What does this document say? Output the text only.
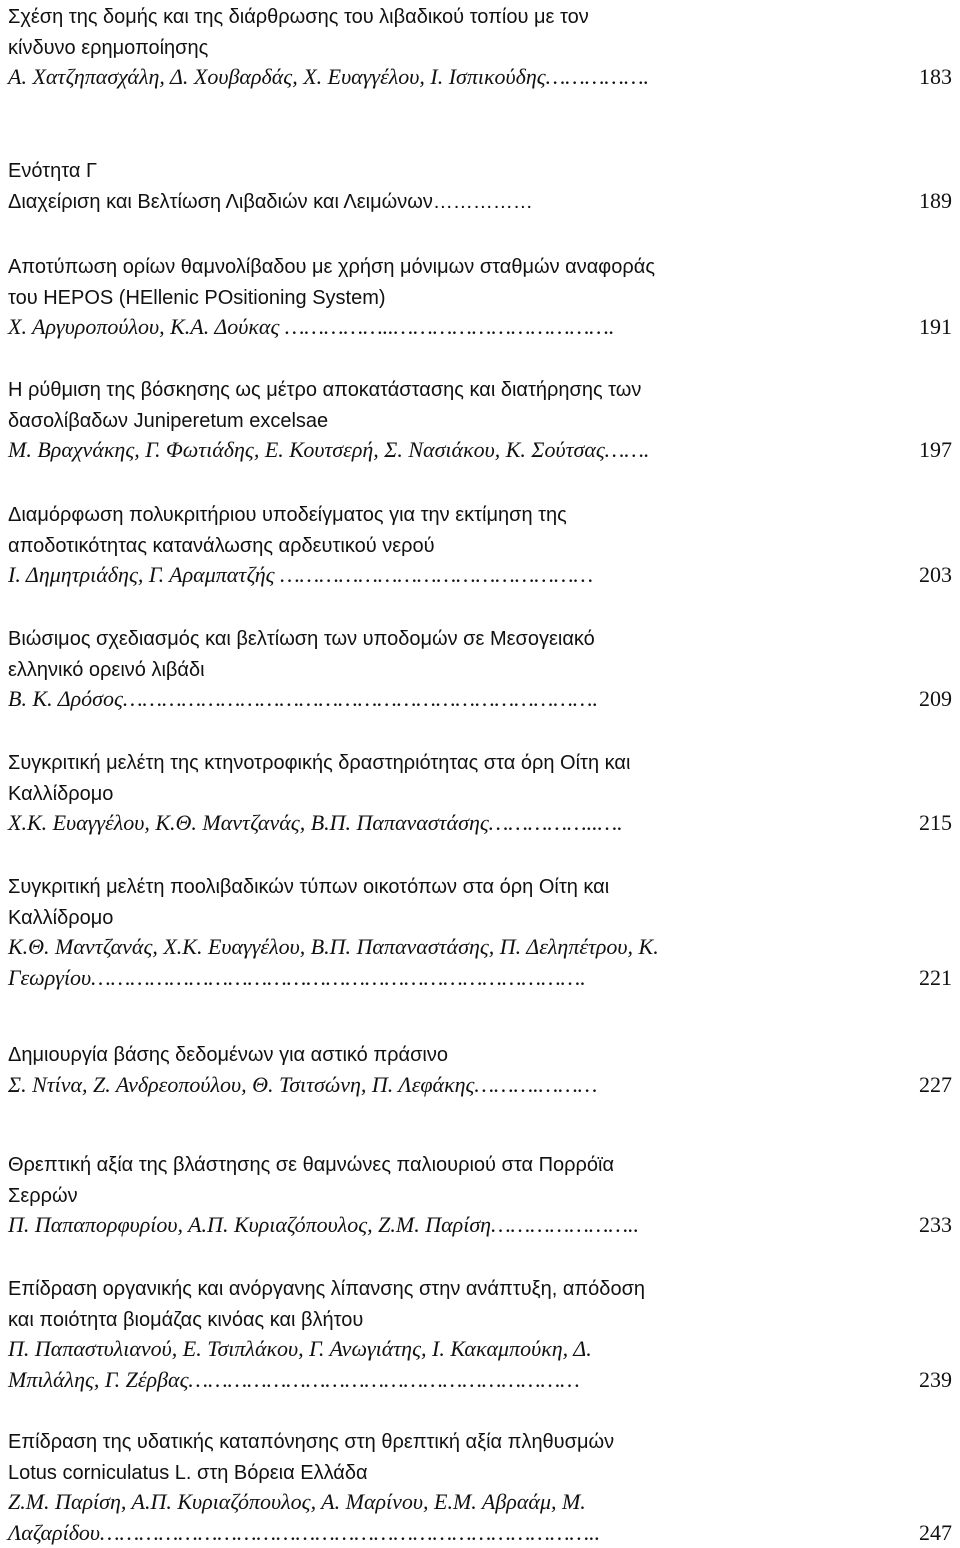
Σχέση της δομής και της διάρθρωσης του λιβαδικού τοπίου με τον
κίνδυνο ερημοποίησης
Α. Χατζηπασχάλη, Δ. Χουβαρδάς, Χ. Ευαγγέλου, Ι. Ισπικούδης…………….	183
Ενότητα Γ
Διαχείριση και Βελτίωση Λιβαδιών και Λειμώνων……………	189
Αποτύπωση ορίων θαμνολίβαδου με χρήση μόνιμων σταθμών αναφοράς
του HEPOS (HEllenic POsitioning System)
Χ. Αργυροπούλου, Κ.Α. Δούκας ……………..…………………………….	191
Η ρύθμιση της βόσκησης ως μέτρο αποκατάστασης και διατήρησης των
δασολίβαδων Juniperetum excelsae
Μ. Βραχνάκης, Γ. Φωτιάδης, Ε. Κουτσερή, Σ. Νασιάκου, Κ. Σούτσας…….	197
Διαμόρφωση πολυκριτήριου υποδείγματος για την εκτίμηση της
αποδοτικότητας κατανάλωσης αρδευτικού νερού
Ι. Δημητριάδης, Γ. Αραμπατζής …………………………………………	203
Βιώσιμος σχεδιασμός και βελτίωση των υποδομών σε Μεσογειακό
ελληνικό ορεινό λιβάδι
Β. Κ. Δρόσος……………………………………………………………….	209
Συγκριτική μελέτη της κτηνοτροφικής δραστηριότητας στα όρη Οίτη και
Καλλίδρομο
Χ.Κ. Ευαγγέλου, Κ.Θ. Μαντζανάς, Β.Π. Παπαναστάσης……………..….	215
Συγκριτική μελέτη ποολιβαδικών τύπων οικοτόπων στα όρη Οίτη και
Καλλίδρομο
Κ.Θ. Μαντζανάς, Χ.Κ. Ευαγγέλου, Β.Π. Παπαναστάσης, Π. Δεληπέτρου, Κ.
Γεωργίου………………………………………………………………….	221
Δημιουργία βάσης δεδομένων για αστικό πράσινο
Σ. Ντίνα, Ζ. Ανδρεοπούλου, Θ. Τσιτσώνη, Π. Λεφάκης……….………	227
Θρεπτική αξία της βλάστησης σε θαμνώνες παλιουριού στα Πορρόϊα
Σερρών
Π. Παπαπορφυρίου, Α.Π. Κυριαζόπουλος, Ζ.Μ. Παρίση…………………..	233
Επίδραση οργανικής και ανόργανης λίπανσης στην ανάπτυξη, απόδοση
και ποιότητα βιομάζας κινόας και βλήτου
Π. Παπαστυλιανού, Ε. Τσιπλάκου, Γ. Ανωγιάτης, Ι. Κακαμπούκη, Δ.
Μπιλάλης, Γ. Ζέρβας……………………………………………………	239
Επίδραση της υδατικής καταπόνησης στη θρεπτική αξία πληθυσμών
Lotus corniculatus L. στη Βόρεια Ελλάδα
Ζ.Μ. Παρίση, Α.Π. Κυριαζόπουλος, Α. Μαρίνου, Ε.Μ. Αβραάμ, Μ.
Λαζαρίδου…………………………………………………………………..	247
